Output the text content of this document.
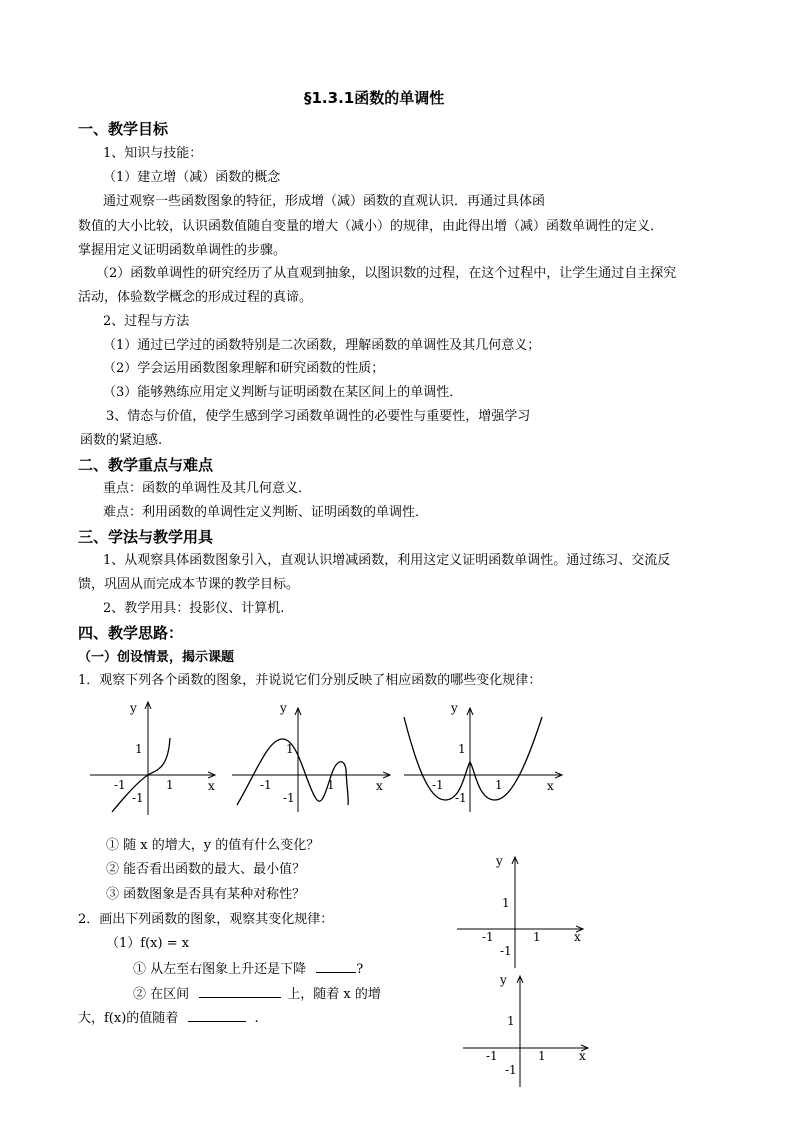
§1.3.1函数的单调性
一、教学目标
1、知识与技能：
（1）建立增（减）函数的概念
通过观察一些函数图象的特征，形成增（减）函数的直观认识．再通过具体函
数值的大小比较，认识函数值随自变量的增大（减小）的规律，由此得出增（减）函数单调性的定义．
掌握用定义证明函数单调性的步骤。
（2）函数单调性的研究经历了从直观到抽象，以图识数的过程，在这个过程中，让学生通过自主探究
活动，体验数学概念的形成过程的真谛。
2、过程与方法
（1）通过已学过的函数特别是二次函数，理解函数的单调性及其几何意义；
（2）学会运用函数图象理解和研究函数的性质；
（3）能够熟练应用定义判断与证明函数在某区间上的单调性．
3、情态与价值，使学生感到学习函数单调性的必要性与重要性，增强学习
函数的紧迫感.
二、教学重点与难点
重点：函数的单调性及其几何意义．
难点：利用函数的单调性定义判断、证明函数的单调性．
三、学法与教学用具
1、从观察具体函数图象引入，直观认识增减函数，利用这定义证明函数单调性。通过练习、交流反
馈，巩固从而完成本节课的教学目标。
2、教学用具：投影仪、计算机.
四、教学思路：
（一）创设情景，揭示课题
1．观察下列各个函数的图象，并说说它们分别反映了相应函数的哪些变化规律：
y
x
1
-1	1
-1
y
x
1
-1	1
-1
y
x
1
-1	1
-1
y
x
1
-1	1
-1
y
x
1
-1	1
-1
① 随 x 的增大，y 的值有什么变化？
② 能否看出函数的最大、最小值？
③ 函数图象是否具有某种对称性？
2．画出下列函数的图象，观察其变化规律：
（1）f(x) = x
① 从左至右图象上升还是下降	?
② 在区间	上，随着 x 的增
大，f(x)的值随着	.
